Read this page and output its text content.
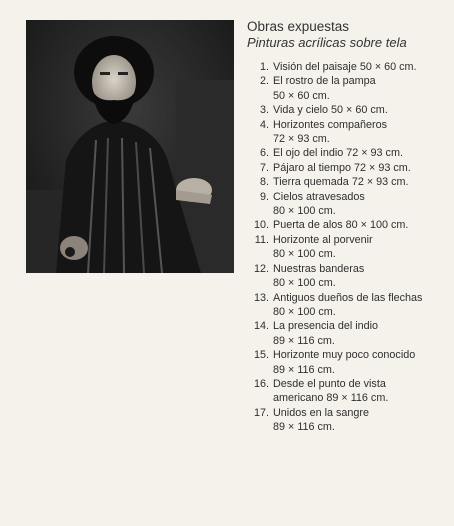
Obras expuestas

Pinturas acrílicas sobre tela

1. Visión del paisaje 50 × 60 cm.
2. El rostro de la pampa
50 × 60 cm.
3. Vida y cielo 50 × 60 cm.
4. Horizontes compañeros
72 × 93 cm.
6. El ojo del indio 72 × 93 cm.
7. Pájaro al tiempo 72 × 93 cm.
8. Tierra quemada 72 × 93 cm.
9. Cielos atravesados
80 × 100 cm.
10. Puerta de alos 80 × 100 cm.
11. Horizonte al porvenir
80 × 100 cm.
12. Nuestras banderas
80 × 100 cm.
13. Antiguos dueños de las flechas
80 × 100 cm.
14. La presencia del indio
89 × 116 cm.
15. Horizonte muy poco conocido
89 × 116 cm.
16. Desde el punto de vista
americano 89 × 116 cm.
17. Unidos en la sangre
89 × 116 cm.
